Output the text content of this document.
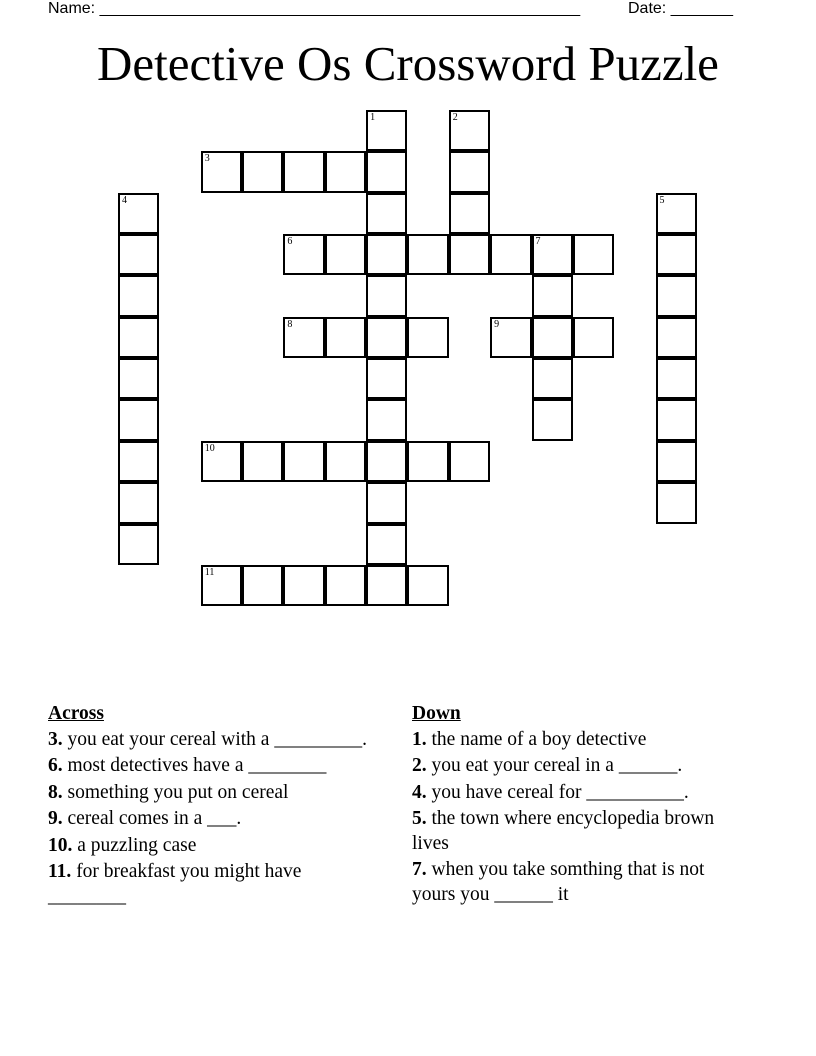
Name: ______________________________________________________	Date: _______
Detective Os Crossword Puzzle
1	2
3
4	5
6	7
8	9
10
11
Across
3. you eat your cereal with a _________.
6. most detectives have a ________
8. something you put on cereal
9. cereal comes in a ___.
10. a puzzling case
11. for breakfast you might have ________
Down
1. the name of a boy detective
2. you eat your cereal in a ______.
4. you have cereal for __________.
5. the town where encyclopedia brown lives
7. when you take somthing that is not yours you ______ it
